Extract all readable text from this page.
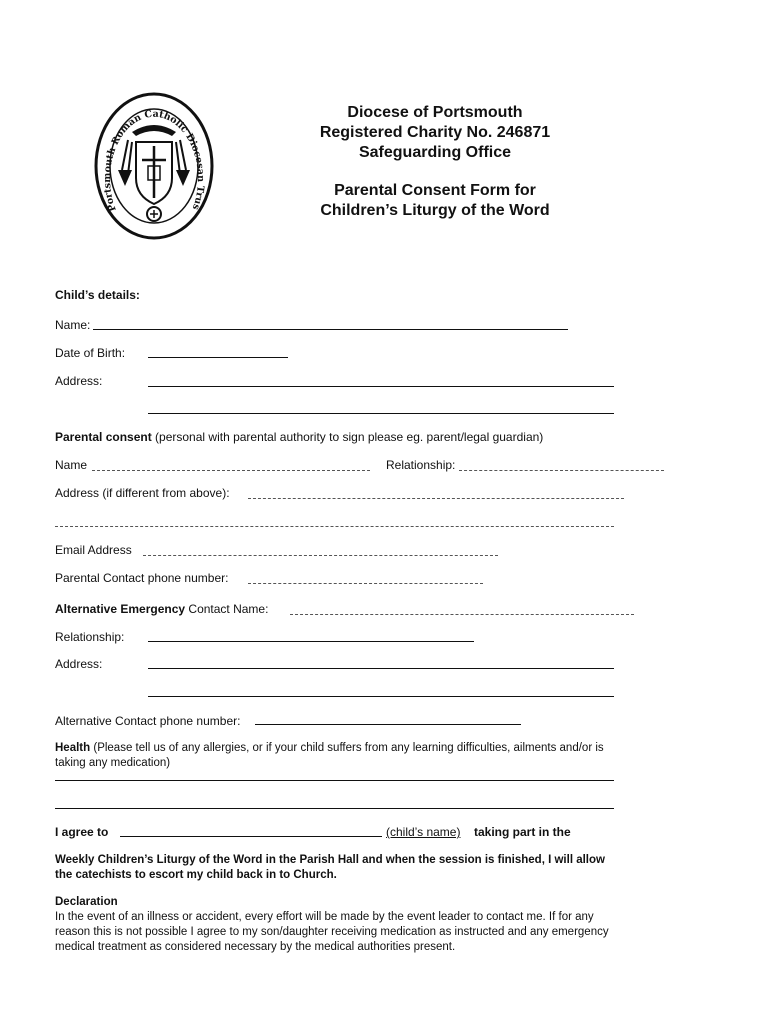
Portsmouth Roman Catholic Diocesan Trus
Diocese of Portsmouth
Registered Charity No. 246871
Safeguarding Office
Parental Consent Form for
Children’s Liturgy of the Word
Child’s details:
Name:
Date of Birth:
Address:
Parental consent (personal with parental authority to sign please eg. parent/legal guardian)
Name	Relationship:
Address (if different from above):
Email Address
Parental Contact phone number:
Alternative Emergency Contact Name:
Relationship:
Address:
Alternative Contact phone number:
Health (Please tell us of any allergies, or if your child suffers from any learning difficulties, ailments and/or is
taking any medication)
I agree to	(child’s name) taking part in the
Weekly Children’s Liturgy of the Word in the Parish Hall and when the session is finished, I will allow
the catechists to escort my child back in to Church.
Declaration
In the event of an illness or accident, every effort will be made by the event leader to contact me. If for any
reason this is not possible I agree to my son/daughter receiving medication as instructed and any emergency
medical treatment as considered necessary by the medical authorities present.
